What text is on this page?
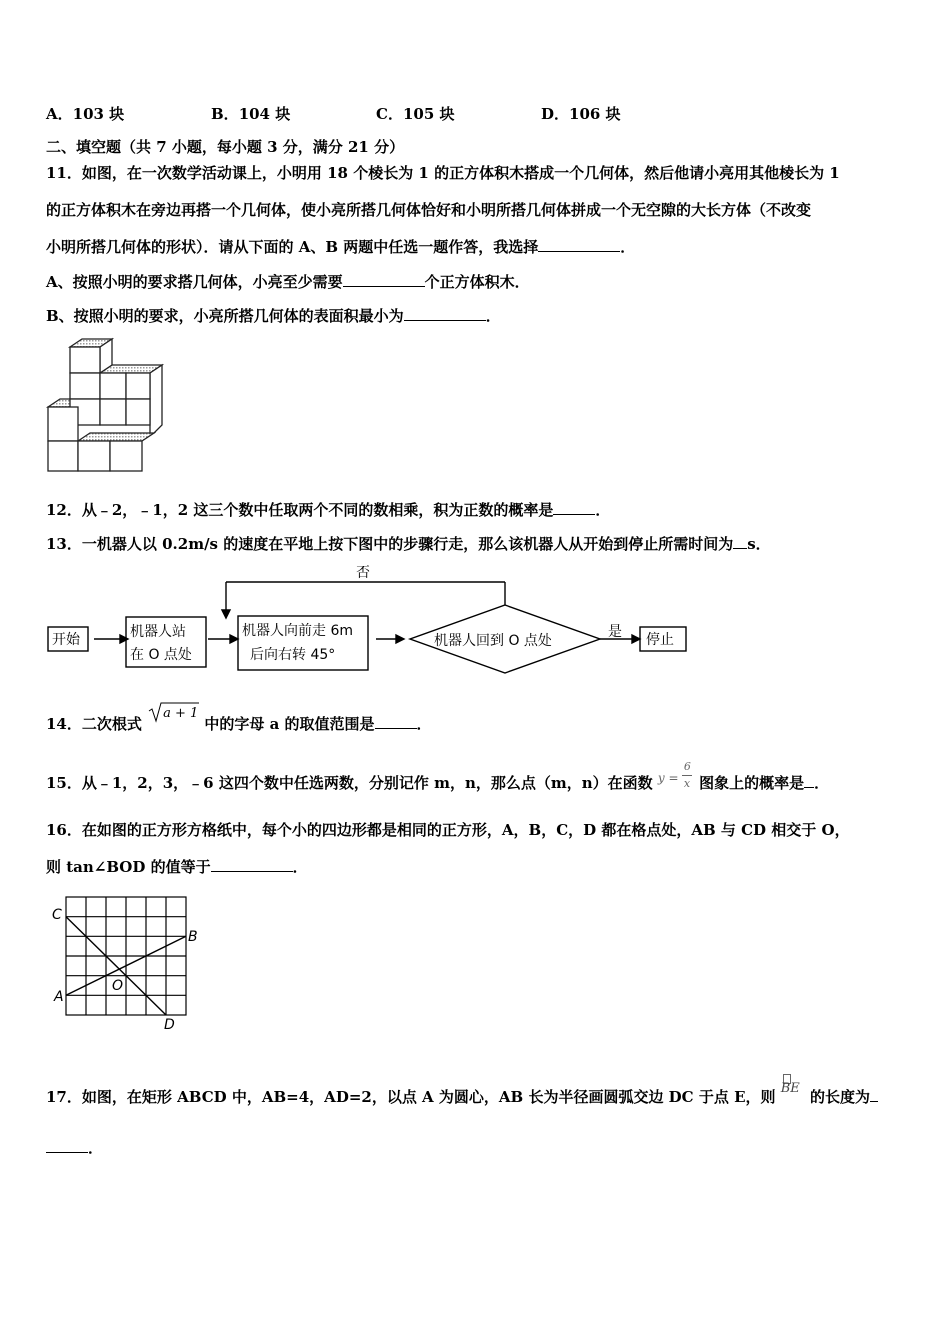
A．103 块	B．104 块	C．105 块	D．106 块
二、填空题（共 7 小题，每小题 3 分，满分 21 分）
11．如图，在一次数学活动课上，小明用 18 个棱长为 1 的正方体积木搭成一个几何体，然后他请小亮用其他棱长为 1
的正方体积木在旁边再搭一个几何体，使小亮所搭几何体恰好和小明所搭几何体拼成一个无空隙的大长方体（不改变
小明所搭几何体的形状）．请从下面的 A、B 两题中任选一题作答，我选择	．
A、按照小明的要求搭几何体，小亮至少需要	个正方体积木．
B、按照小明的要求，小亮所搭几何体的表面积最小为	．
12．从﹣2，﹣1，2 这三个数中任取两个不同的数相乘，积为正数的概率是	．
13．一机器人以 0.2m/s 的速度在平地上按下图中的步骤行走，那么该机器人从开始到停止所需时间为 s．
开始	机器人站
在 O 点处
机器人向前走 6m
后向右转 45°
机器人回到 O 点处
否
是 停止
14．二次根式
a + 1
中的字母 a 的取值范围是	．
15．从﹣1，2，3，﹣6 这四个数中任选两数，分别记作 m，n，那么点（m，n）在函数 y =
6
x 图象上的概率是 ．
16．在如图的正方形方格纸中，每个小的四边形都是相同的正方形，A，B，C，D 都在格点处，AB 与 CD 相交于 O，
则 tan∠BOD 的值等于	．
C
B
O
A
D
17．如图，在矩形 ABCD 中，AB=4，AD=2，以点 A 为圆心，AB 长为半径画圆弧交边 DC 于点 E，则 BE 的长度为
．
